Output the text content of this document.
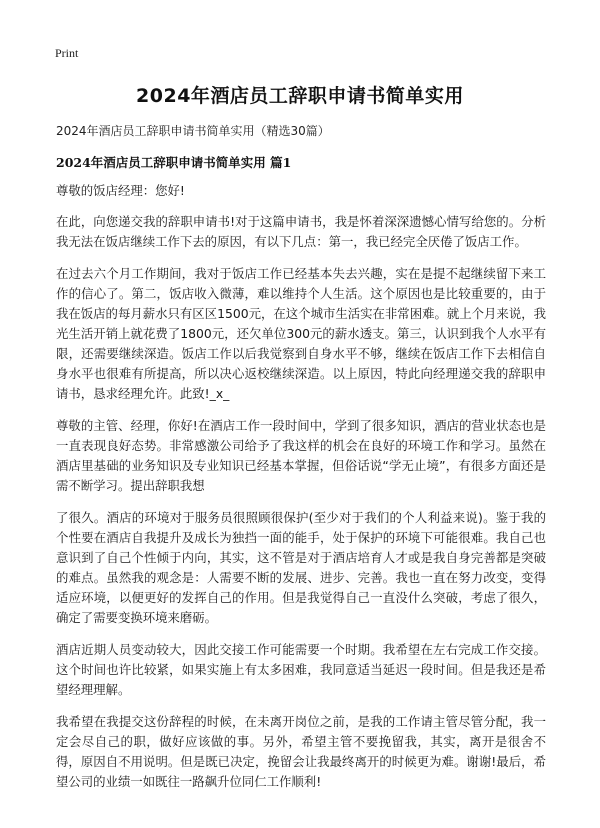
Print
2024年酒店员工辞职申请书简单实用
2024年酒店员工辞职申请书简单实用（精选30篇）
2024年酒店员工辞职申请书简单实用 篇1

尊敬的饭店经理：您好!

在此，向您递交我的辞职申请书!对于这篇申请书，我是怀着深深遗憾心情写给您的。分析我无法在饭店继续工作下去的原因，有以下几点：第一，我已经完全厌倦了饭店工作。

在过去六个月工作期间，我对于饭店工作已经基本失去兴趣，实在是提不起继续留下来工作的信心了。第二，饭店收入微薄，难以维持个人生活。这个原因也是比较重要的，由于我在饭店的每月薪水只有区区1500元，在这个城市生活实在非常困难。就上个月来说，我光生活开销上就花费了1800元，还欠单位300元的薪水透支。第三，认识到我个人水平有限，还需要继续深造。饭店工作以后我觉察到自身水平不够，继续在饭店工作下去相信自身水平也很难有所提高，所以决心返校继续深造。以上原因，特此向经理递交我的辞职申请书，恳求经理允许。此致!_x_

尊敬的主管、经理，你好!在酒店工作一段时间中，学到了很多知识，酒店的营业状态也是一直表现良好态势。非常感激公司给予了我这样的机会在良好的环境工作和学习。虽然在酒店里基础的业务知识及专业知识已经基本掌握，但俗话说“学无止境”，有很多方面还是需不断学习。提出辞职我想

了很久。酒店的环境对于服务员很照顾很保护(至少对于我们的个人利益来说)。鉴于我的个性要在酒店自我提升及成长为独挡一面的能手，处于保护的环境下可能很难。我自己也意识到了自己个性倾于内向，其实，这不管是对于酒店培育人才或是我自身完善都是突破的难点。虽然我的观念是：人需要不断的发展、进步、完善。我也一直在努力改变，变得适应环境，以便更好的发挥自己的作用。但是我觉得自己一直没什么突破，考虑了很久，确定了需要变换环境来磨砺。

酒店近期人员变动较大，因此交接工作可能需要一个时期。我希望在左右完成工作交接。这个时间也许比较紧，如果实施上有太多困难，我同意适当延迟一段时间。但是我还是希望经理理解。

我希望在我提交这份辞程的时候，在未离开岗位之前，是我的工作请主管尽管分配，我一定会尽自己的职，做好应该做的事。另外，希望主管不要挽留我，其实，离开是很舍不得，原因自不用说明。但是既已决定，挽留会让我最终离开的时候更为难。谢谢!最后，希望公司的业绩一如既往一路飙升位同仁工作顺利!
